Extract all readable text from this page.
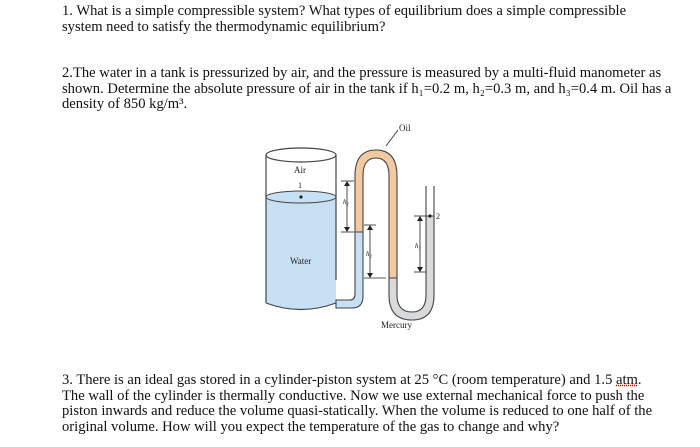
1. What is a simple compressible system? What types of equilibrium does a simple compressible system need to satisfy the thermodynamic equilibrium?

2.The water in a tank is pressurized by air, and the pressure is measured by a multi-fluid manometer as shown. Determine the absolute pressure of air in the tank if h₁=0.2 m, h₂=0.3 m, and h₃=0.4 m. Oil has a density of 850 kg/m³.

Oil
Air
1
Water
Mercury
2
h₁
h₂
h₃

3. There is an ideal gas stored in a cylinder-piston system at 25 °C (room temperature) and 1.5 atm. The wall of the cylinder is thermally conductive. Now we use external mechanical force to push the piston inwards and reduce the volume quasi-statically. When the volume is reduced to one half of the original volume. How will you expect the temperature of the gas to change and why?
